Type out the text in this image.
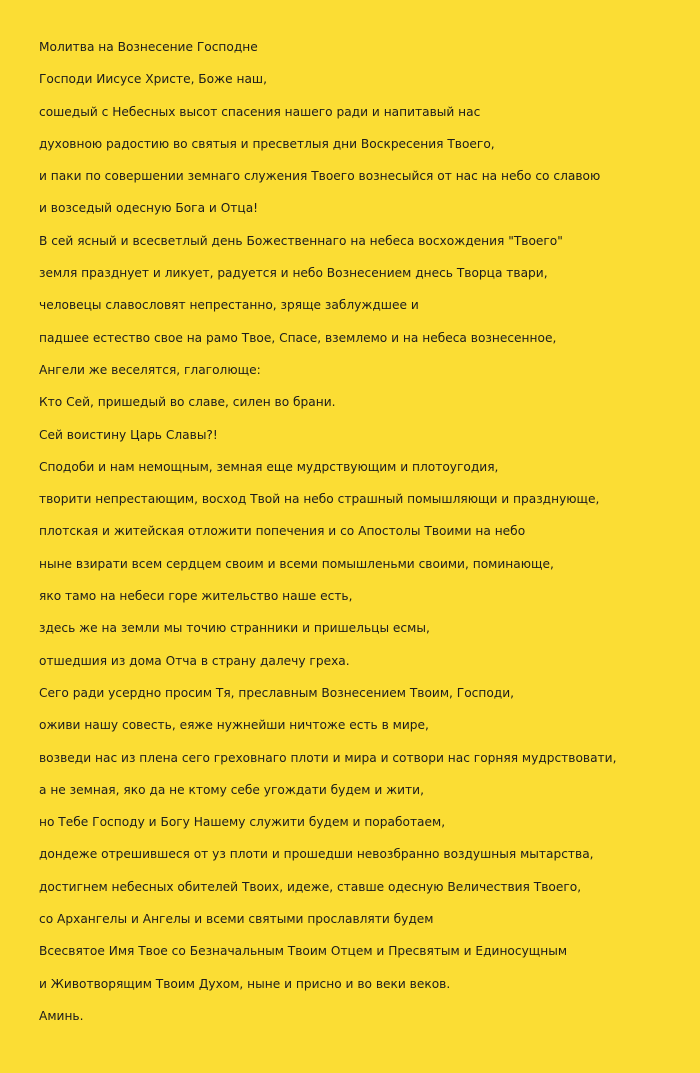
Молитва на Вознесение Господне
Господи Иисусе Христе, Боже наш,
сошедый с Небесных высот спасения нашего ради и напитавый нас
духовною радостию во святыя и пресветлыя дни Воскресения Твоего,
и паки по совершении земнаго служения Твоего вознесыйся от нас на небо со славою
и возседый одесную Бога и Отца!
В сей ясный и всесветлый день Божественнаго на небеса восхождения "Твоего"
земля празднует и ликует, радуется и небо Вознесением днесь Творца твари,
человецы славословят непрестанно, зряще заблуждшее и
падшее естество свое на рамо Твое, Спасе, вземлемо и на небеса вознесенное,
Ангели же веселятся, глаголюще:
Кто Сей, пришедый во славе, силен во брани.
Сей воистину Царь Славы?!
Сподоби и нам немощным, земная еще мудрствующим и плотоугодия,
творити непрестающим, восход Твой на небо страшный помышляющи и празднующе,
плотская и житейская отложити попечения и со Апостолы Твоими на небо
ныне взирати всем сердцем своим и всеми помышленьми своими, поминающе,
яко тамо на небеси горе жительство наше есть,
здесь же на земли мы точию странники и пришельцы есмы,
отшедшия из дома Отча в страну далечу греха.
Сего ради усердно просим Тя, преславным Вознесением Твоим, Господи,
оживи нашу совесть, еяже нужнейши ничтоже есть в мире,
возведи нас из плена сего греховнаго плоти и мира и сотвори нас горняя мудрствовати,
а не земная, яко да не ктому себе угождати будем и жити,
но Тебе Господу и Богу Нашему служити будем и поработаем,
дондеже отрешившеся от уз плоти и прошедши невозбранно воздушныя мытарства,
достигнем небесных обителей Твоих, идеже, ставше одесную Величествия Твоего,
со Архангелы и Ангелы и всеми святыми прославляти будем
Всесвятое Имя Твое со Безначальным Твоим Отцем и Пресвятым и Единосущным
и Животворящим Твоим Духом, ныне и присно и во веки веков.
Аминь.
